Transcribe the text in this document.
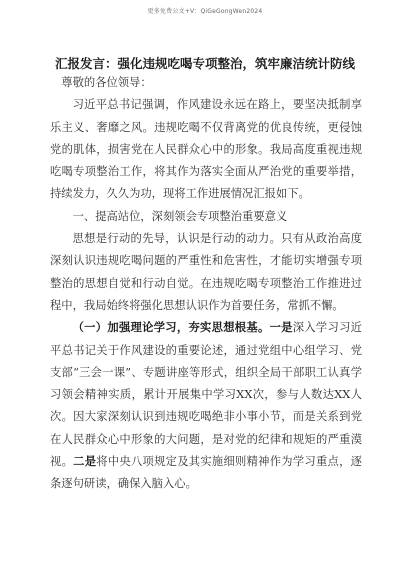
更多免费公文+V：QiGeGongWen2024
汇报发言：强化违规吃喝专项整治，筑牢廉洁统计防线

尊敬的各位领导：

习近平总书记强调，作风建设永远在路上，要坚决抵制享乐主义、奢靡之风。违规吃喝不仅背离党的优良传统，更侵蚀党的肌体，损害党在人民群众心中的形象。我局高度重视违规吃喝专项整治工作，将其作为落实全面从严治党的重要举措，持续发力，久久为功，现将工作进展情况汇报如下。

一、提高站位，深刻领会专项整治重要意义

思想是行动的先导，认识是行动的动力。只有从政治高度深刻认识违规吃喝问题的严重性和危害性，才能切实增强专项整治的思想自觉和行动自觉。在违规吃喝专项整治工作推进过程中，我局始终将强化思想认识作为首要任务，常抓不懈。

（一）加强理论学习，夯实思想根基。一是深入学习习近平总书记关于作风建设的重要论述，通过党组中心组学习、党支部“三会一课”、专题讲座等形式，组织全局干部职工认真学习领会精神实质，累计开展集中学习XX次，参与人数达XX人次。因大家深刻认识到违规吃喝绝非小事小节，而是关系到党在人民群众心中形象的大问题，是对党的纪律和规矩的严重漠视。二是将中央八项规定及其实施细则精神作为学习重点，逐条逐句研读，确保入脑入心。
